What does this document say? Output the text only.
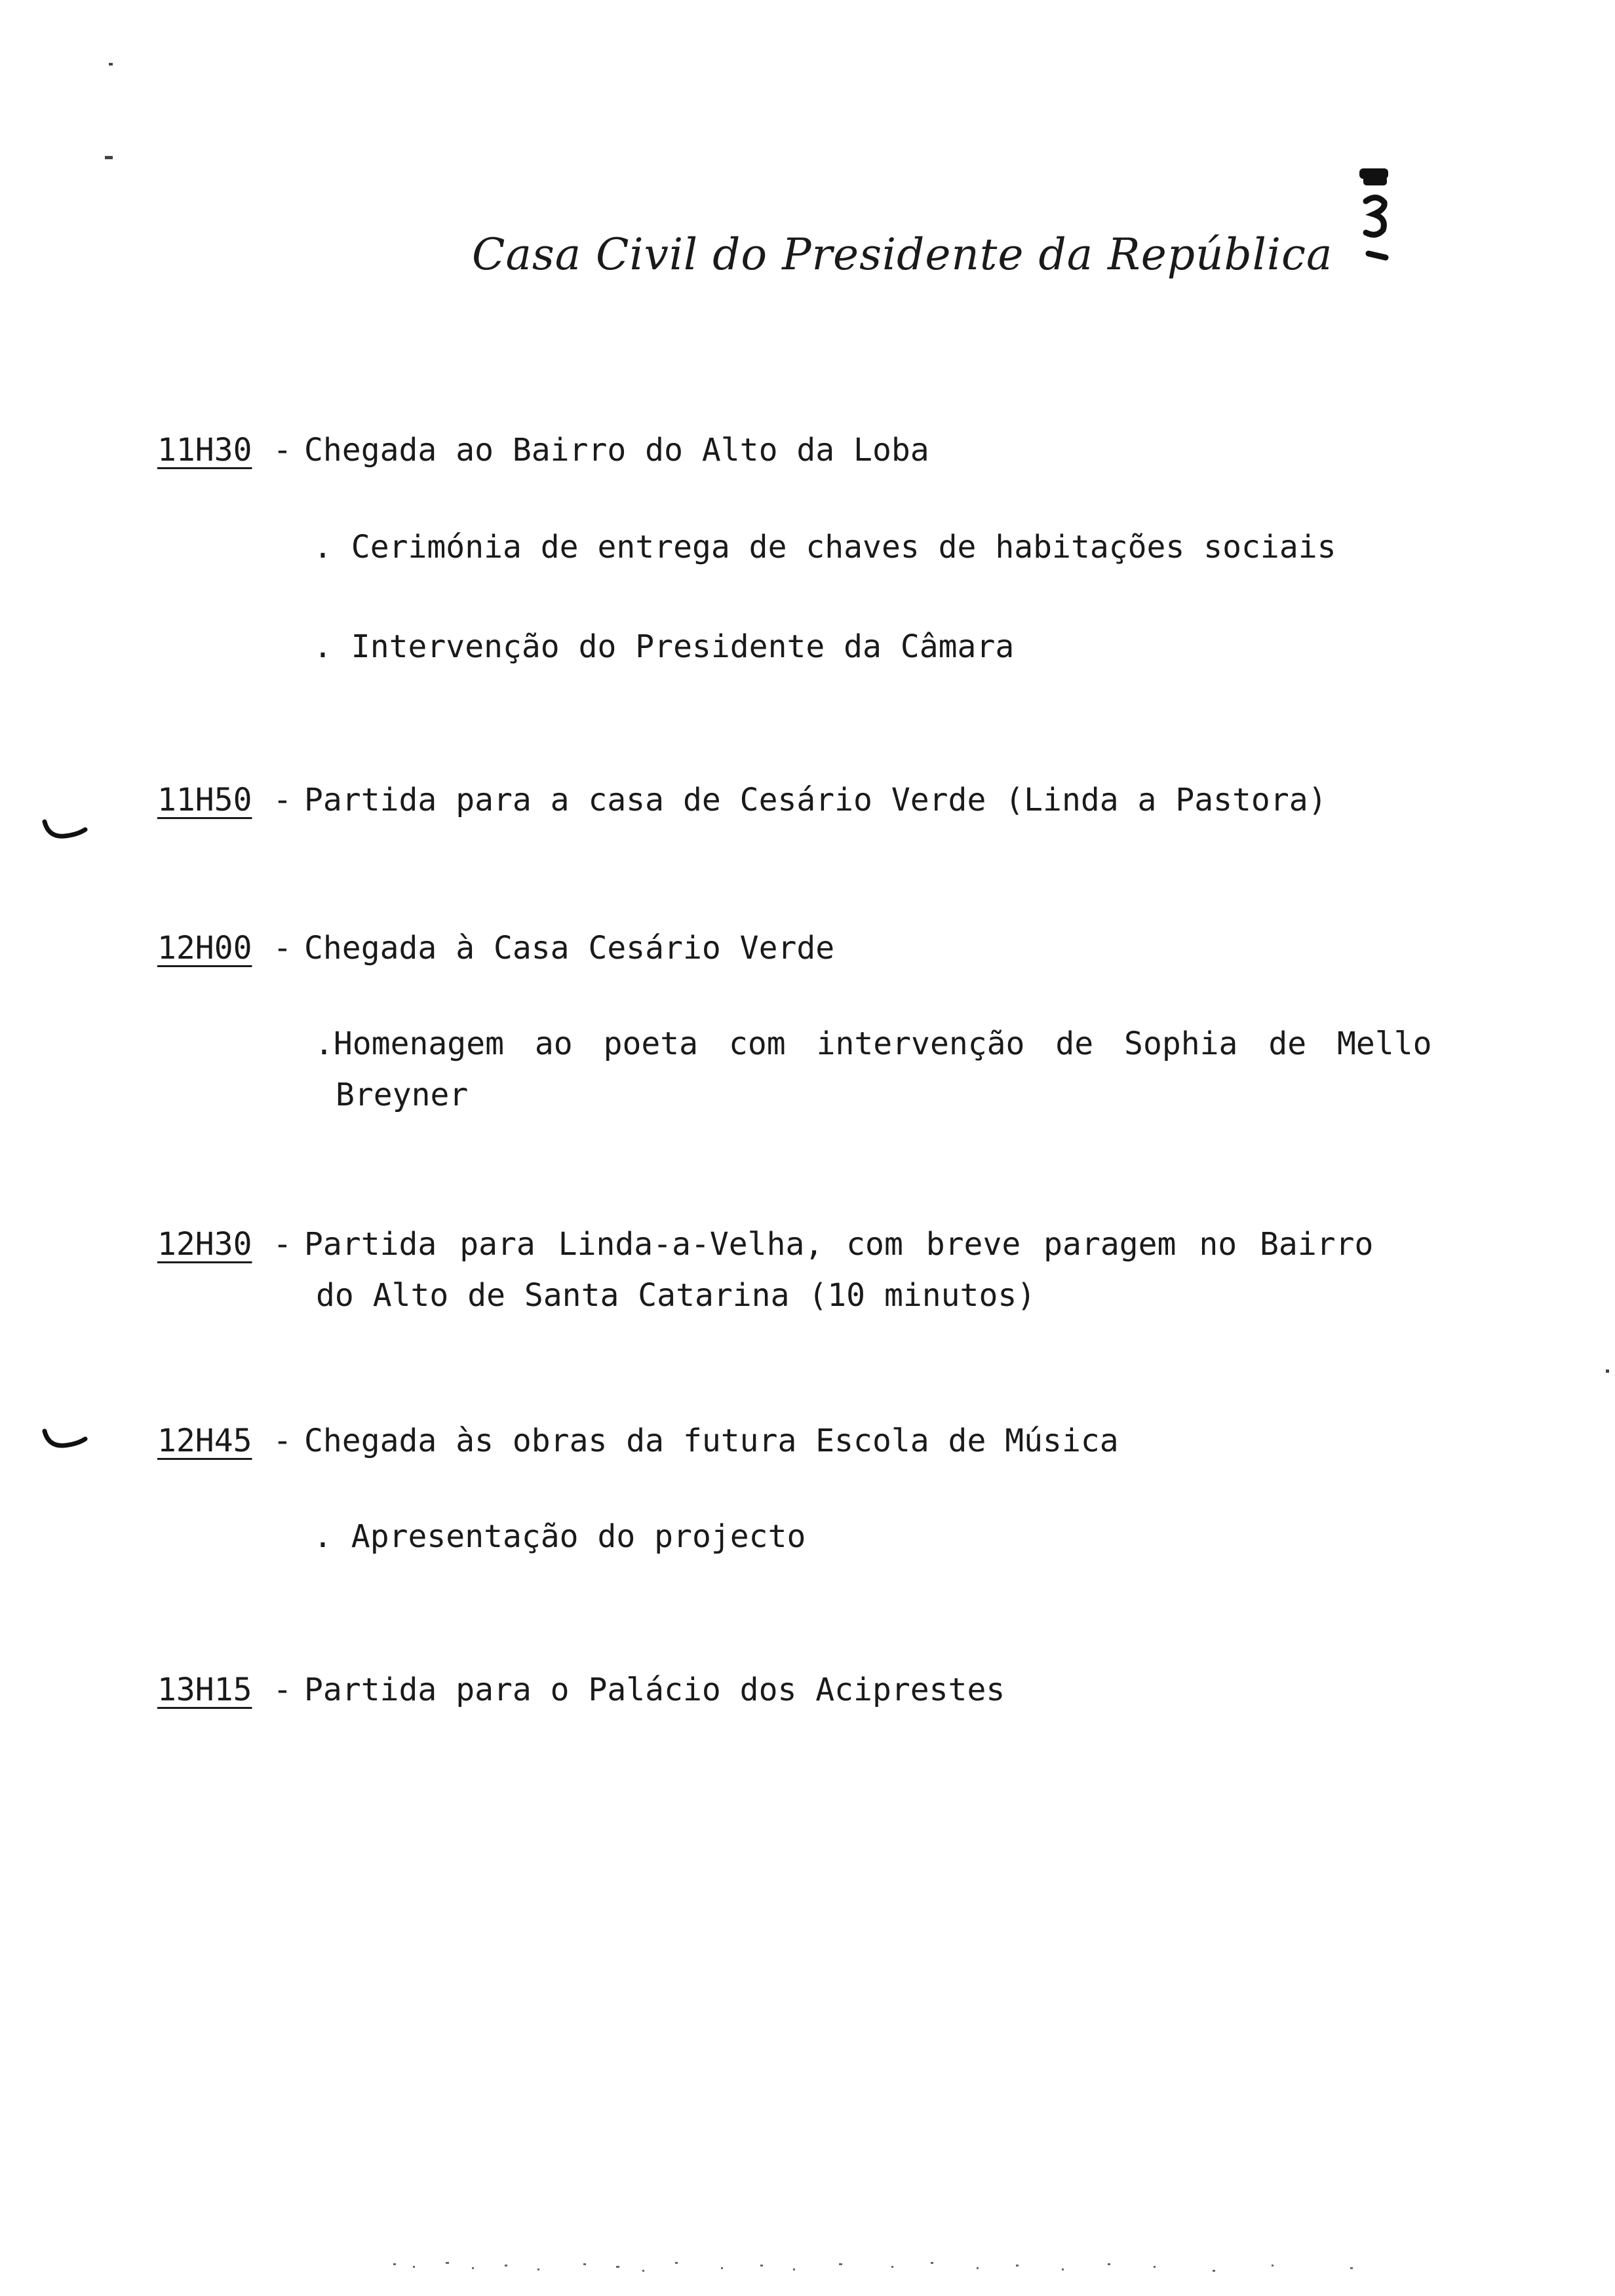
Casa Civil do Presidente da República
11H30 - Chegada ao Bairro do Alto da Loba
. Cerimónia de entrega de chaves de habitações sociais
. Intervenção do Presidente da Câmara
11H50 - Partida para a casa de Cesário Verde (Linda a Pastora)
12H00 - Chegada à Casa Cesário Verde
.Homenagem ao poeta com intervenção de Sophia de Mello
Breyner
12H30 - Partida para Linda-a-Velha, com breve paragem no Bairro
do Alto de Santa Catarina (10 minutos)
12H45 - Chegada às obras da futura Escola de Música
. Apresentação do projecto
13H15 - Partida para o Palácio dos Aciprestes
